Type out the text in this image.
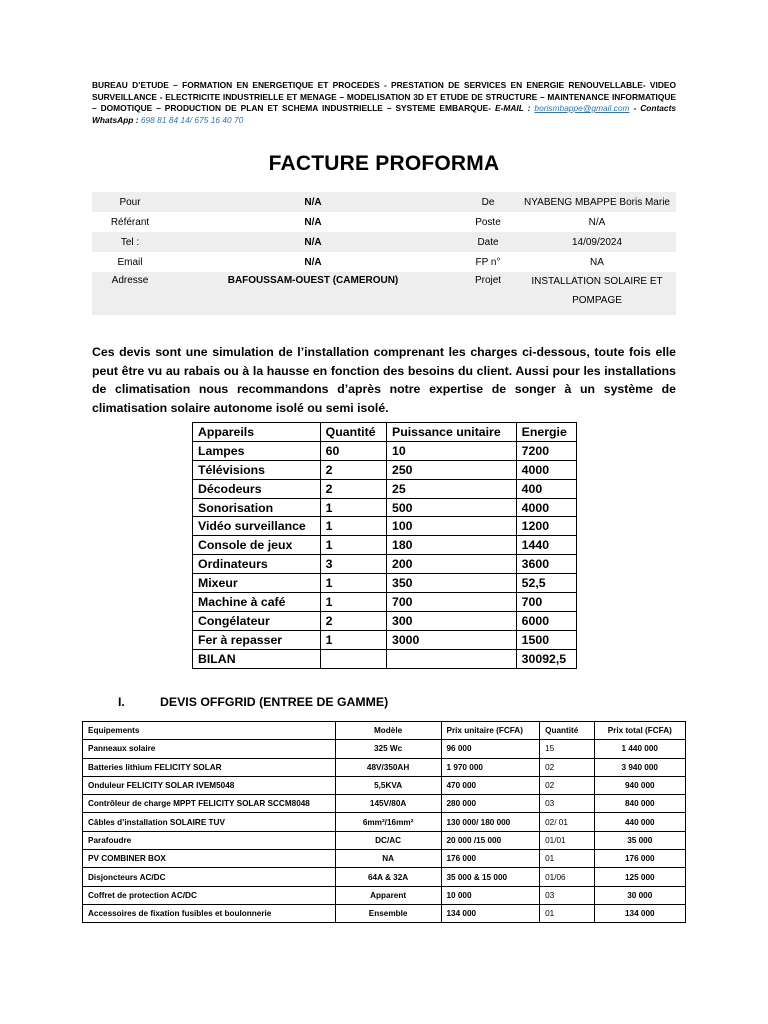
BUREAU D’ETUDE – FORMATION EN ENERGETIQUE ET PROCEDES - PRESTATION DE SERVICES EN ENERGIE RENOUVELLABLE- VIDEO SURVEILLANCE - ELECTRICITE INDUSTRIELLE ET MENAGE – MODELISATION 3D ET ETUDE DE STRUCTURE – MAINTENANCE INFORMATIQUE – DOMOTIQUE – PRODUCTION DE PLAN ET SCHEMA INDUSTRIELLE – SYSTEME EMBARQUE- E-MAIL : borismbappe@gmail.com - Contacts WhatsApp : 698 81 84 14/ 675 16 40 70
FACTURE PROFORMA
Pour	N/A	De	NYABENG MBAPPE Boris Marie
Référant	N/A	Poste	N/A
Tel :	N/A	Date	14/09/2024
Email	N/A	FP n°	NA
Adresse	BAFOUSSAM-OUEST (CAMEROUN)	Projet	INSTALLATION SOLAIRE ET
POMPAGE
Ces devis sont une simulation de l’installation comprenant les charges ci-dessous, toute fois elle peut être vu au rabais ou à la hausse en fonction des besoins du client. Aussi pour les installations de climatisation nous recommandons d’après notre expertise de songer à un système de climatisation solaire autonome isolé ou semi isolé.
Appareils	Quantité	Puissance unitaire	Energie
Lampes	60	10	7200
Télévisions	2	250	4000
Décodeurs	2	25	400
Sonorisation	1	500	4000
Vidéo surveillance	1	100	1200
Console de jeux	1	180	1440
Ordinateurs	3	200	3600
Mixeur	1	350	52,5
Machine à café	1	700	700
Congélateur	2	300	6000
Fer à repasser	1	3000	1500
BILAN			30092,5
I.	DEVIS OFFGRID (ENTREE DE GAMME)
Equipements	Modèle	Prix unitaire (FCFA)	Quantité	Prix total (FCFA)
Panneaux solaire	325 Wc	96 000	15	1 440 000
Batteries lithium FELICITY SOLAR	48V/350AH	1 970 000	02	3 940 000
Onduleur FELICITY SOLAR IVEM5048	5,5KVA	470 000	02	940 000
Contrôleur de charge MPPT FELICITY SOLAR SCCM8048	145V/80A	280 000	03	840 000
Câbles d’installation SOLAIRE TUV	6mm²/16mm²	130 000/ 180 000	02/ 01	440 000
Parafoudre	DC/AC	20 000 /15 000	01/01	35 000
PV COMBINER BOX	NA	176 000	01	176 000
Disjoncteurs AC/DC	64A & 32A	35 000 & 15 000	01/06	125 000
Coffret de protection AC/DC	Apparent	10 000	03	30 000
Accessoires de fixation fusibles et boulonnerie	Ensemble	134 000	01	134 000
